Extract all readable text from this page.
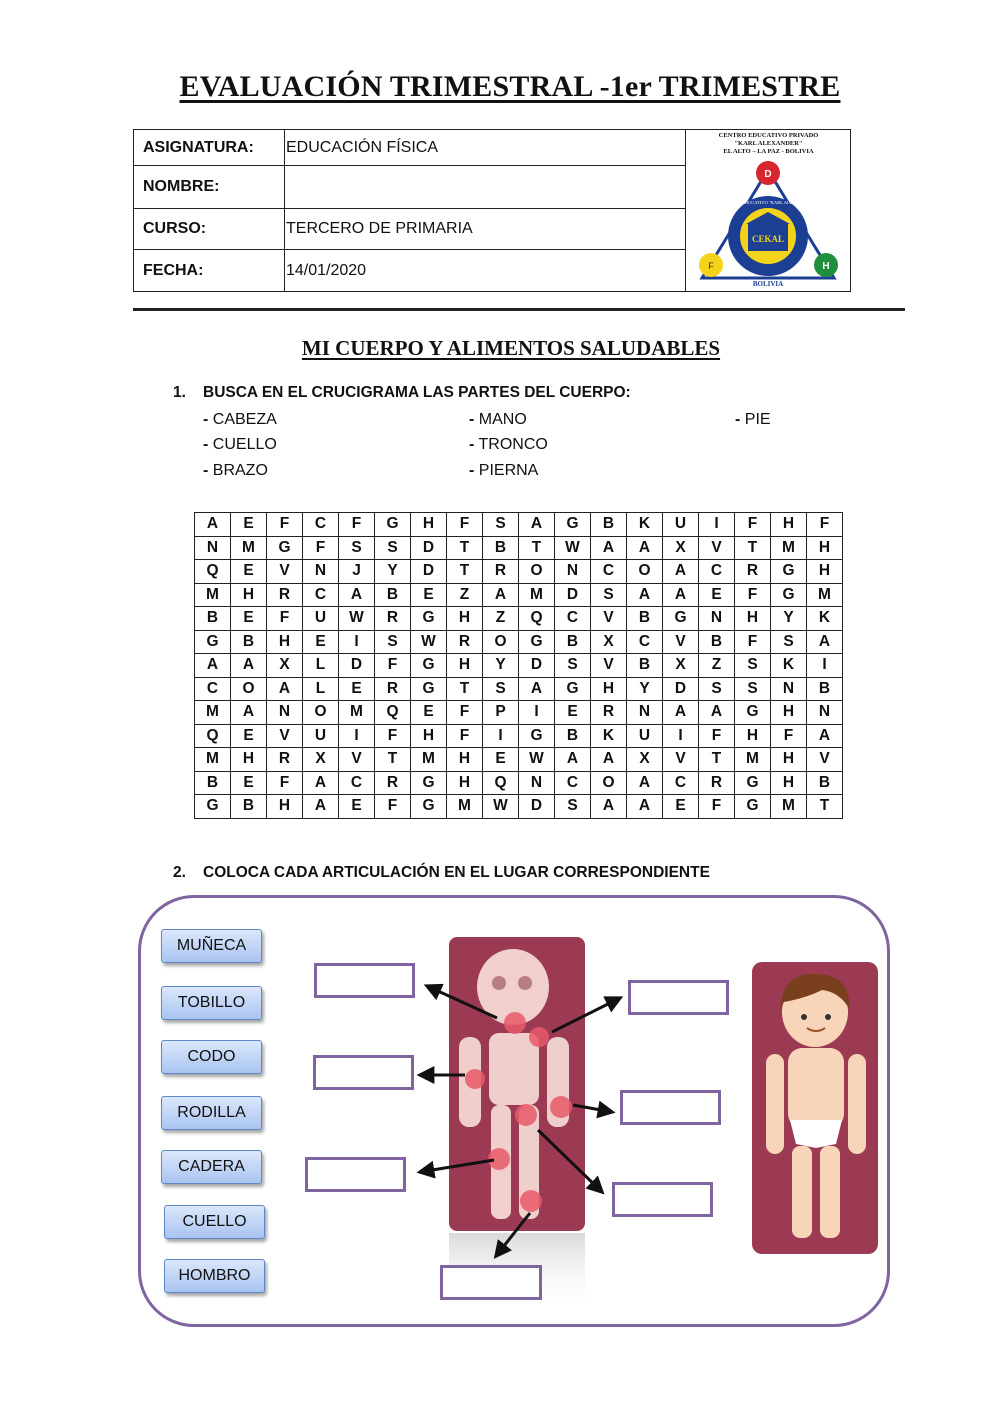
EVALUACIÓN TRIMESTRAL -1er TRIMESTRE
ASIGNATURA:	EDUCACIÓN FÍSICA
NOMBRE:
CURSO:	TERCERO DE PRIMARIA
FECHA:	14/01/2020
CENTRO EDUCATIVO PRIVADO
"KARL ALEXANDER"
EL ALTO – LA PAZ - BOLIVIA
CEKAL
D
F	H
BOLIVIA
CENTRO EDUCATIVO "KARL ALEXANDER"
MI CUERPO Y ALIMENTOS SALUDABLES
1. BUSCA EN EL CRUCIGRAMA LAS PARTES DEL CUERPO:
- CABEZA
- CUELLO
- BRAZO
- MANO
- TRONCO
- PIERNA
- PIE
A	E	F	C	F	G	H	F	S	A	G	B	K	U	I	F	H	F
N	M	G	F	S	S	D	T	B	T	W	A	A	X	V	T	M	H
Q	E	V	N	J	Y	D	T	R	O	N	C	O	A	C	R	G	H
M	H	R	C	A	B	E	Z	A	M	D	S	A	A	E	F	G	M
B	E	F	U	W	R	G	H	Z	Q	C	V	B	G	N	H	Y	K
G	B	H	E	I	S	W	R	O	G	B	X	C	V	B	F	S	A
A	A	X	L	D	F	G	H	Y	D	S	V	B	X	Z	S	K	I
C	O	A	L	E	R	G	T	S	A	G	H	Y	D	S	S	N	B
M	A	N	O	M	Q	E	F	P	I	E	R	N	A	A	G	H	N
Q	E	V	U	I	F	H	F	I	G	B	K	U	I	F	H	F	A
M	H	R	X	V	T	M	H	E	W	A	A	X	V	T	M	H	V
B	E	F	A	C	R	G	H	Q	N	C	O	A	C	R	G	H	B
G	B	H	A	E	F	G	M	W	D	S	A	A	E	F	G	M	T
2. COLOCA CADA ARTICULACIÓN EN EL LUGAR CORRESPONDIENTE
MUÑECA
TOBILLO
CODO
RODILLA
CADERA
CUELLO
HOMBRO
